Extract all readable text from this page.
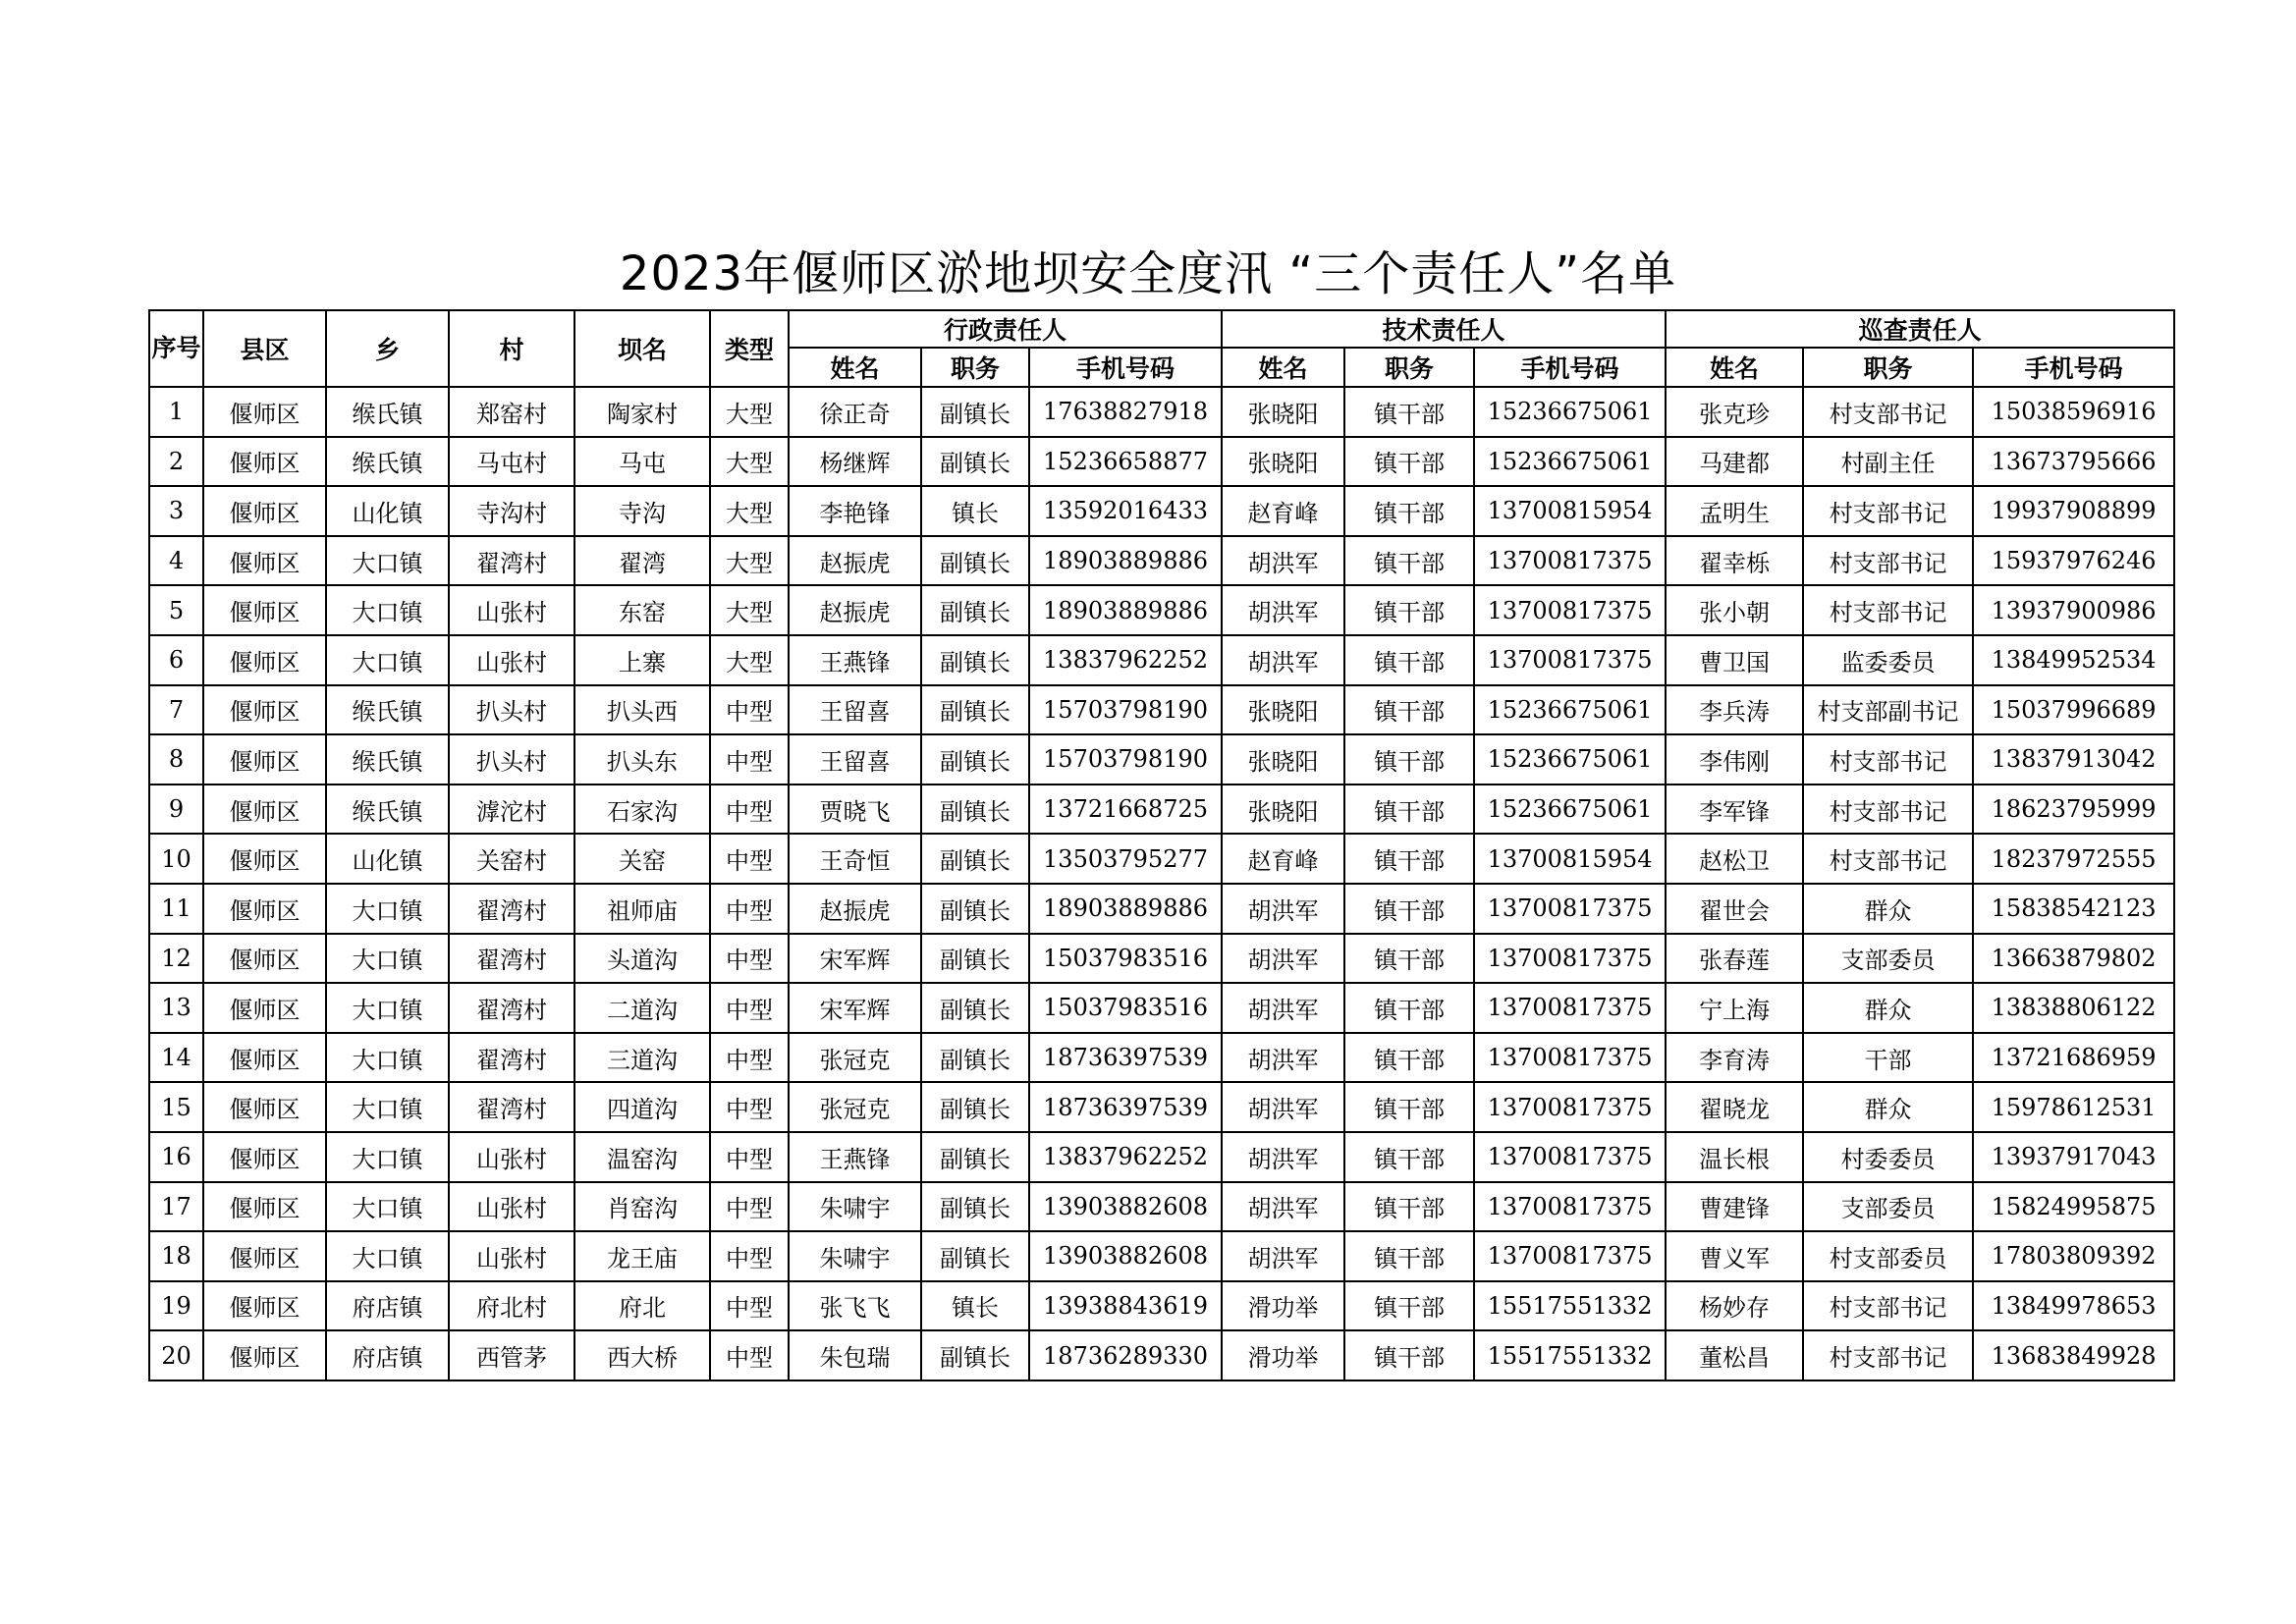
2023年偃师区淤地坝安全度汛 “三个责任人”名单
序号	县区	乡	村	坝名	类型	行政责任人			技术责任人			巡查责任人		
						姓名	职务	手机号码	姓名	职务	手机号码	姓名	职务	手机号码
1	偃师区	缑氏镇	郑窑村	陶家村	大型	徐正奇	副镇长	17638827918	张晓阳	镇干部	15236675061	张克珍	村支部书记	15038596916
2	偃师区	缑氏镇	马屯村	马屯	大型	杨继辉	副镇长	15236658877	张晓阳	镇干部	15236675061	马建都	村副主任	13673795666
3	偃师区	山化镇	寺沟村	寺沟	大型	李艳锋	镇长	13592016433	赵育峰	镇干部	13700815954	孟明生	村支部书记	19937908899
4	偃师区	大口镇	翟湾村	翟湾	大型	赵振虎	副镇长	18903889886	胡洪军	镇干部	13700817375	翟幸栎	村支部书记	15937976246
5	偃师区	大口镇	山张村	东窑	大型	赵振虎	副镇长	18903889886	胡洪军	镇干部	13700817375	张小朝	村支部书记	13937900986
6	偃师区	大口镇	山张村	上寨	大型	王燕锋	副镇长	13837962252	胡洪军	镇干部	13700817375	曹卫国	监委委员	13849952534
7	偃师区	缑氏镇	扒头村	扒头西	中型	王留喜	副镇长	15703798190	张晓阳	镇干部	15236675061	李兵涛	村支部副书记	15037996689
8	偃师区	缑氏镇	扒头村	扒头东	中型	王留喜	副镇长	15703798190	张晓阳	镇干部	15236675061	李伟刚	村支部书记	13837913042
9	偃师区	缑氏镇	滹沱村	石家沟	中型	贾晓飞	副镇长	13721668725	张晓阳	镇干部	15236675061	李军锋	村支部书记	18623795999
10	偃师区	山化镇	关窑村	关窑	中型	王奇恒	副镇长	13503795277	赵育峰	镇干部	13700815954	赵松卫	村支部书记	18237972555
11	偃师区	大口镇	翟湾村	祖师庙	中型	赵振虎	副镇长	18903889886	胡洪军	镇干部	13700817375	翟世会	群众	15838542123
12	偃师区	大口镇	翟湾村	头道沟	中型	宋军辉	副镇长	15037983516	胡洪军	镇干部	13700817375	张春莲	支部委员	13663879802
13	偃师区	大口镇	翟湾村	二道沟	中型	宋军辉	副镇长	15037983516	胡洪军	镇干部	13700817375	宁上海	群众	13838806122
14	偃师区	大口镇	翟湾村	三道沟	中型	张冠克	副镇长	18736397539	胡洪军	镇干部	13700817375	李育涛	干部	13721686959
15	偃师区	大口镇	翟湾村	四道沟	中型	张冠克	副镇长	18736397539	胡洪军	镇干部	13700817375	翟晓龙	群众	15978612531
16	偃师区	大口镇	山张村	温窑沟	中型	王燕锋	副镇长	13837962252	胡洪军	镇干部	13700817375	温长根	村委委员	13937917043
17	偃师区	大口镇	山张村	肖窑沟	中型	朱啸宇	副镇长	13903882608	胡洪军	镇干部	13700817375	曹建锋	支部委员	15824995875
18	偃师区	大口镇	山张村	龙王庙	中型	朱啸宇	副镇长	13903882608	胡洪军	镇干部	13700817375	曹义军	村支部委员	17803809392
19	偃师区	府店镇	府北村	府北	中型	张飞飞	镇长	13938843619	滑功举	镇干部	15517551332	杨妙存	村支部书记	13849978653
20	偃师区	府店镇	西管茅	西大桥	中型	朱包瑞	副镇长	18736289330	滑功举	镇干部	15517551332	董松昌	村支部书记	13683849928
